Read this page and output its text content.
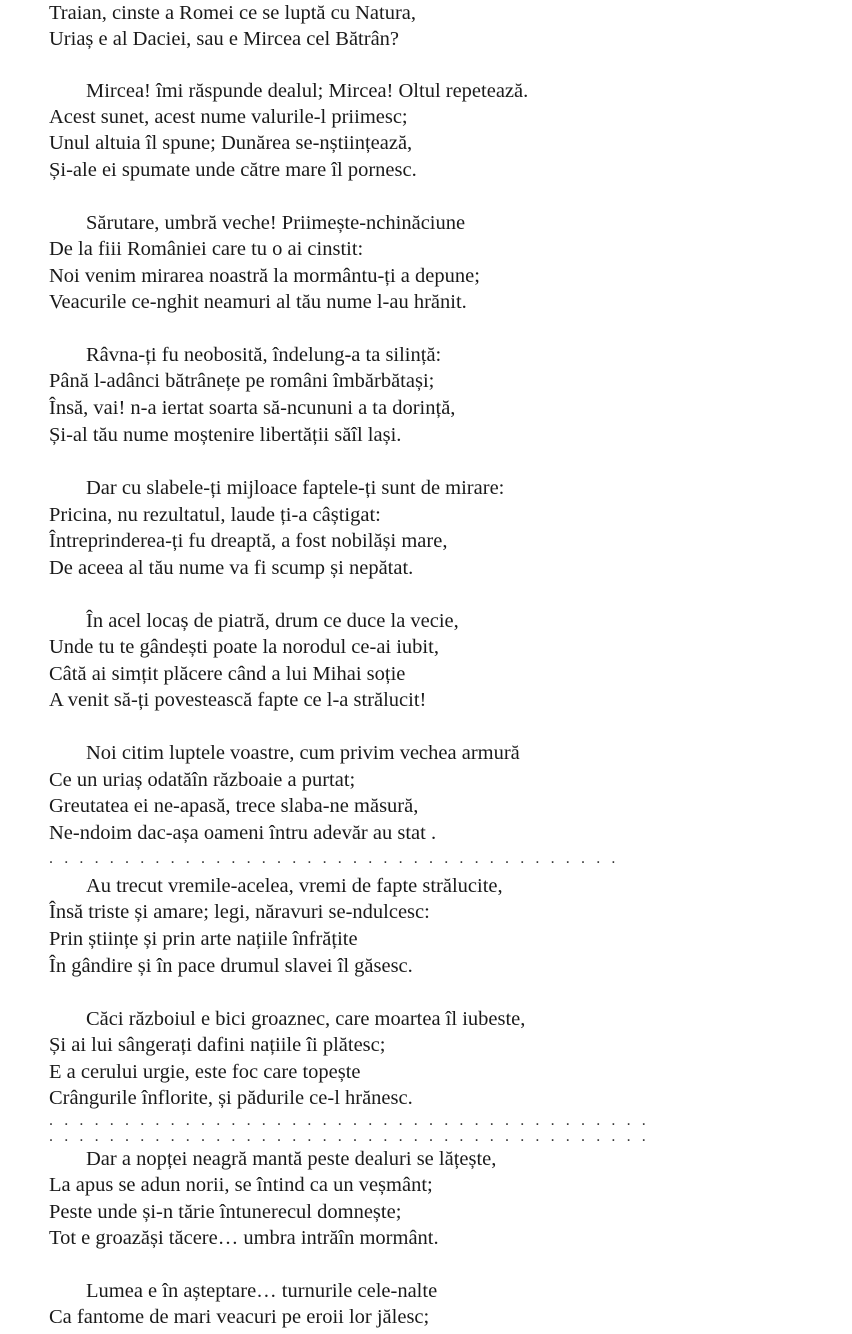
Traian, cinste a Romei ce se luptă cu Natura,
Uriaș e al Daciei, sau e Mircea cel Bătrân?
Mircea! îmi răspunde dealul; Mircea! Oltul repetează.
Acest sunet, acest nume valurile-l priimesc;
Unul altuia îl spune; Dunărea se-nștiințează,
Și-ale ei spumate unde către mare îl pornesc.
Sărutare, umbră veche! Priimește-nchinăciune
De la fiii României care tu o ai cinstit:
Noi venim mirarea noastră la mormântu-ți a depune;
Veacurile ce-nghit neamuri al tău nume l-au hrănit.
Râvna-ți fu neobosită, îndelung-a ta silință:
Până l-adânci bătrânețe pe români îmbărbătași;
Însă, vai! n-a iertat soarta să-ncununi a ta dorință,
Și-al tău nume moștenire libertății săîl lași.
Dar cu slabele-ți mijloace faptele-ți sunt de mirare:
Pricina, nu rezultatul, laude ți-a câștigat:
Întreprinderea-ți fu dreaptă, a fost nobilăși mare,
De aceea al tău nume va fi scump și nepătat.
În acel locaș de piatră, drum ce duce la vecie,
Unde tu te gândești poate la norodul ce-ai iubit,
Câtă ai simțit plăcere când a lui Mihai soție
A venit să-ți povestească fapte ce l-a strălucit!
Noi citim luptele voastre, cum privim vechea armură
Ce un uriaș odatăîn războaie a purtat;
Greutatea ei ne-apasă, trece slaba-ne măsură,
Ne-ndoim dac-așa oameni întru adevăr au stat .
. . . . . . . . . . . . . . . . . . . . . . . . . . . . . . . . . . . . . .
Au trecut vremile-acelea, vremi de fapte strălucite,
Însă triste și amare; legi, năravuri se-ndulcesc:
Prin științe și prin arte națiile înfrățite
În gândire și în pace drumul slavei îl găsesc.
Căci războiul e bici groaznec, care moartea îl iubeste,
Și ai lui sângerați dafini națiile îi plătesc;
E a cerului urgie, este foc care topește
Crângurile înflorite, și pădurile ce-l hrănesc.
. . . . . . . . . . . . . . . . . . . . . . . . . . . . . . . . . . . . . . . .
. . . . . . . . . . . . . . . . . . . . . . . . . . . . . . . . . . . . . . . .
Dar a nopței neagră mantă peste dealuri se lățește,
La apus se adun norii, se întind ca un veșmânt;
Peste unde și-n tărie întunerecul domnește;
Tot e groazăși tăcere… umbra intrăîn mormânt.
Lumea e în așteptare… turnurile cele-nalte
Ca fantome de mari veacuri pe eroii lor jălesc;
